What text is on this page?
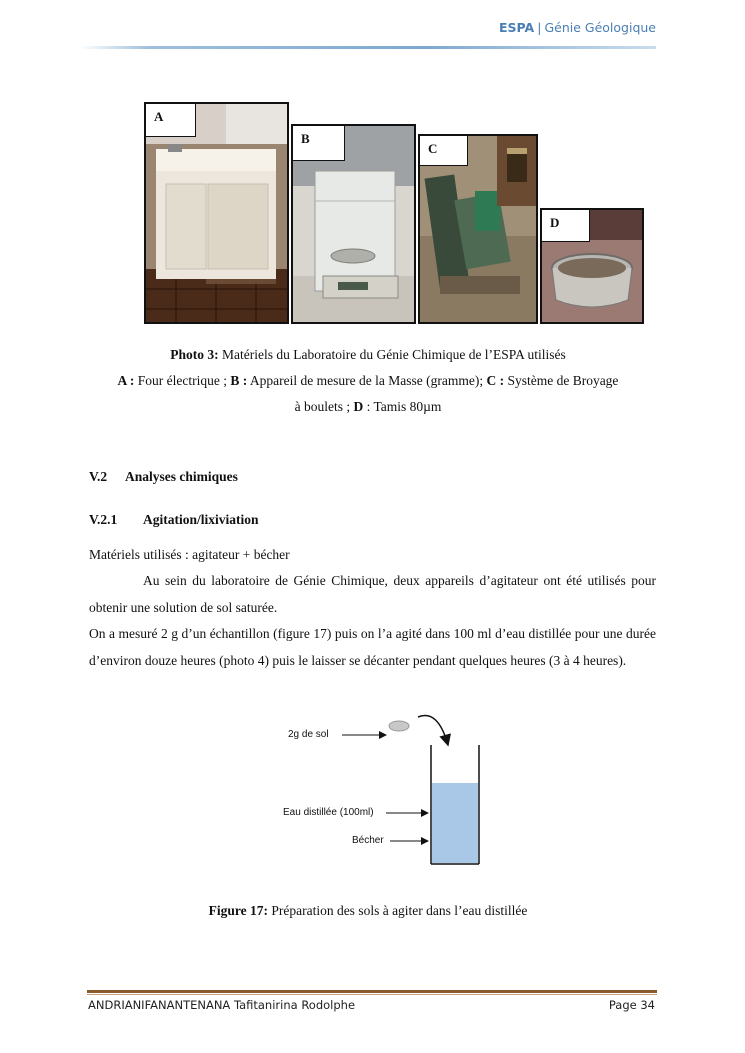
ESPA | Génie Géologique
A
B
C
D
Photo 3: Matériels du Laboratoire du Génie Chimique de l’ESPA utilisés
A : Four électrique ; B : Appareil de mesure de la Masse (gramme); C : Système de Broyage
à boulets ; D : Tamis 80µm
V.2 Analyses chimiques
V.2.1 Agitation/lixiviation
Matériels utilisés : agitateur + bécher
Au sein du laboratoire de Génie Chimique, deux appareils d’agitateur ont été utilisés pour obtenir une solution de sol saturée.
On a mesuré 2 g d’un échantillon (figure 17) puis on l’a agité dans 100 ml d’eau distillée pour une durée d’environ douze heures (photo 4) puis le laisser se décanter pendant quelques heures (3 à 4 heures).
2g de sol
Eau distillée (100ml)
Bécher
Figure 17: Préparation des sols à agiter dans l’eau distillée
ANDRIANIFANANTENANA Tafitanirina Rodolphe	Page 34
